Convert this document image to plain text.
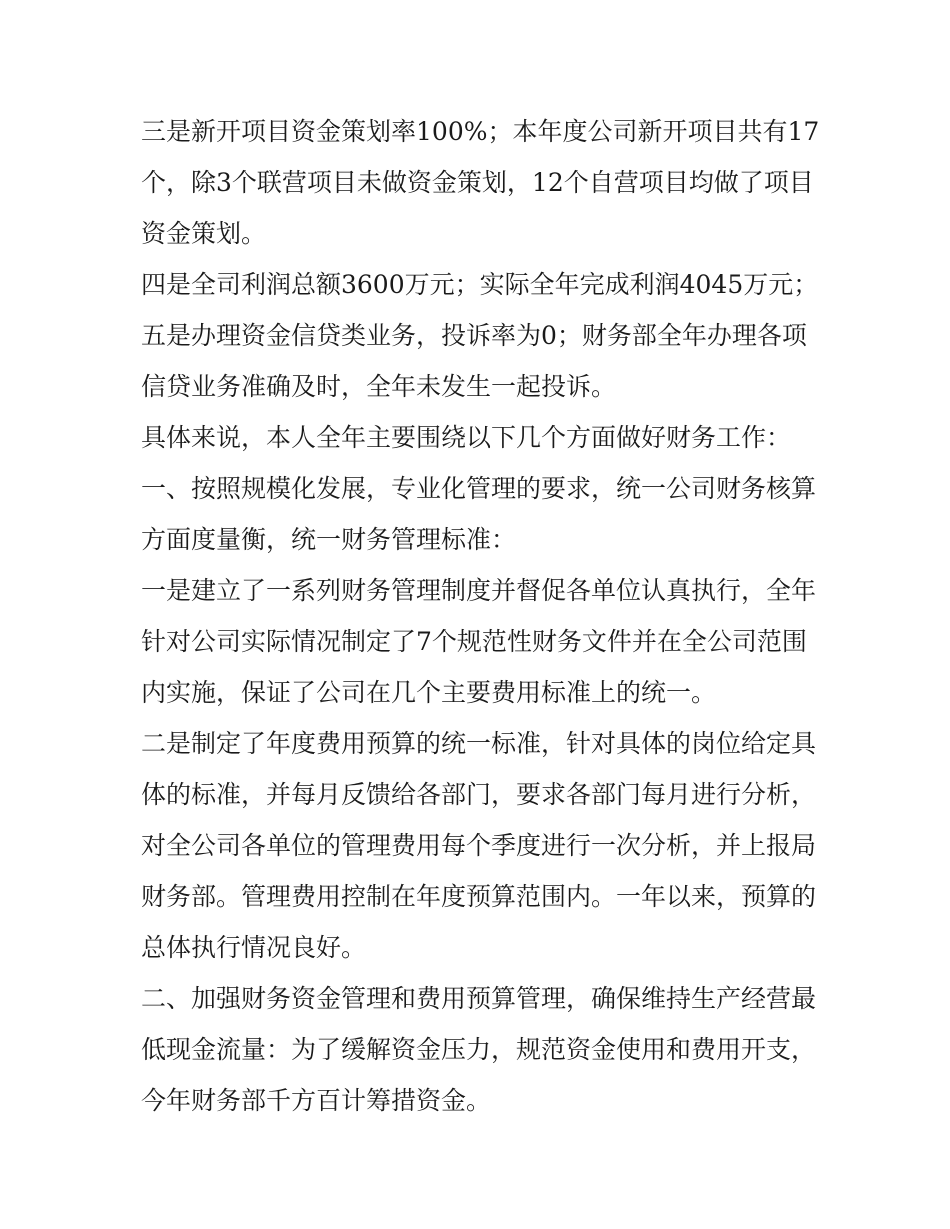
三是新开项目资金策划率100%；本年度公司新开项目共有17
个，除3个联营项目未做资金策划，12个自营项目均做了项目
资金策划。

四是全司利润总额3600万元；实际全年完成利润4045万元；

五是办理资金信贷类业务，投诉率为0；财务部全年办理各项
信贷业务准确及时，全年未发生一起投诉。

具体来说，本人全年主要围绕以下几个方面做好财务工作：

一、按照规模化发展，专业化管理的要求，统一公司财务核算
方面度量衡，统一财务管理标准：

一是建立了一系列财务管理制度并督促各单位认真执行，全年
针对公司实际情况制定了7个规范性财务文件并在全公司范围
内实施，保证了公司在几个主要费用标准上的统一。

二是制定了年度费用预算的统一标准，针对具体的岗位给定具
体的标准，并每月反馈给各部门，要求各部门每月进行分析，
对全公司各单位的管理费用每个季度进行一次分析，并上报局
财务部。管理费用控制在年度预算范围内。一年以来，预算的
总体执行情况良好。

二、加强财务资金管理和费用预算管理，确保维持生产经营最
低现金流量：为了缓解资金压力，规范资金使用和费用开支，
今年财务部千方百计筹措资金。
